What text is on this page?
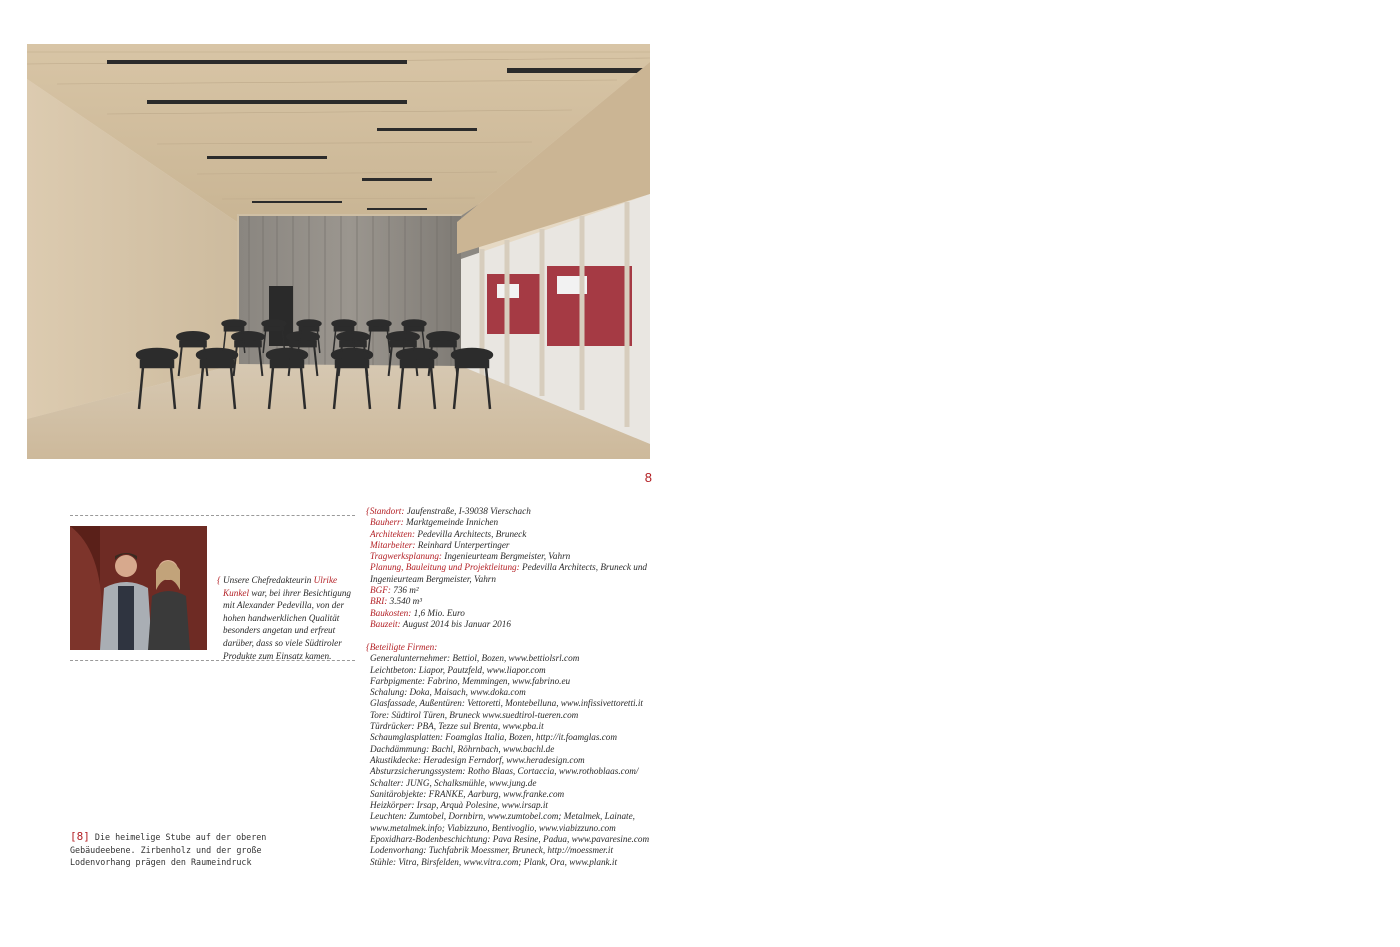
8
{ Unsere Chefredakteurin Ulrike
Kunkel war, bei ihrer Besichtigung
mit Alexander Pedevilla, von der
hohen handwerklichen Qualität
besonders angetan und erfreut
darüber, dass so viele Südtiroler
Produkte zum Einsatz kamen.
[8] Die heimelige Stube auf der oberen
Gebäudeebene. Zirbenholz und der große
Lodenvorhang prägen den Raumeindruck
{Standort: Jaufenstraße, I-39038 Vierschach
Bauherr: Marktgemeinde Innichen
Architekten: Pedevilla Architects, Bruneck
Mitarbeiter: Reinhard Unterpertinger
Tragwerksplanung: Ingenieurteam Bergmeister, Vahrn
Planung, Bauleitung und Projektleitung: Pedevilla Architects, Bruneck und Ingenieurteam Bergmeister, Vahrn
BGF: 736 m²
BRI: 3.540 m³
Baukosten: 1,6 Mio. Euro
Bauzeit: August 2014 bis Januar 2016
{Beteiligte Firmen:
Generalunternehmer: Bettiol, Bozen, www.bettiolsrl.com
Leichtbeton: Liapor, Pautzfeld, www.liapor.com
Farbpigmente: Fabrino, Memmingen, www.fabrino.eu
Schalung: Doka, Maisach, www.doka.com
Glasfassade, Außentüren: Vettoretti, Montebelluna, www.infissivettoretti.it
Tore: Südtirol Türen, Bruneck www.suedtirol-tueren.com
Türdrücker: PBA, Tezze sul Brenta, www.pba.it
Schaumglasplatten: Foamglas Italia, Bozen, http://it.foamglas.com
Dachdämmung: Bachl, Röhrnbach, www.bachl.de
Akustikdecke: Heradesign Ferndorf, www.heradesign.com
Absturzsicherungssystem: Rotho Blaas, Cortaccia, www.rothoblaas.com/
Schalter: JUNG, Schalksmühle, www.jung.de
Sanitärobjekte: FRANKE, Aarburg, www.franke.com
Heizkörper: Irsap, Arquà Polesine, www.irsap.it
Leuchten: Zumtobel, Dornbirn, www.zumtobel.com; Metalmek, Lainate,
www.metalmek.info; Viabizzuno, Bentivoglio, www.viabizzuno.com
Epoxidharz-Bodenbeschichtung: Pava Resine, Padua, www.pavaresine.com
Lodenvorhang: Tuchfabrik Moessmer, Bruneck, http://moessmer.it
Stühle: Vitra, Birsfelden, www.vitra.com; Plank, Ora, www.plank.it
